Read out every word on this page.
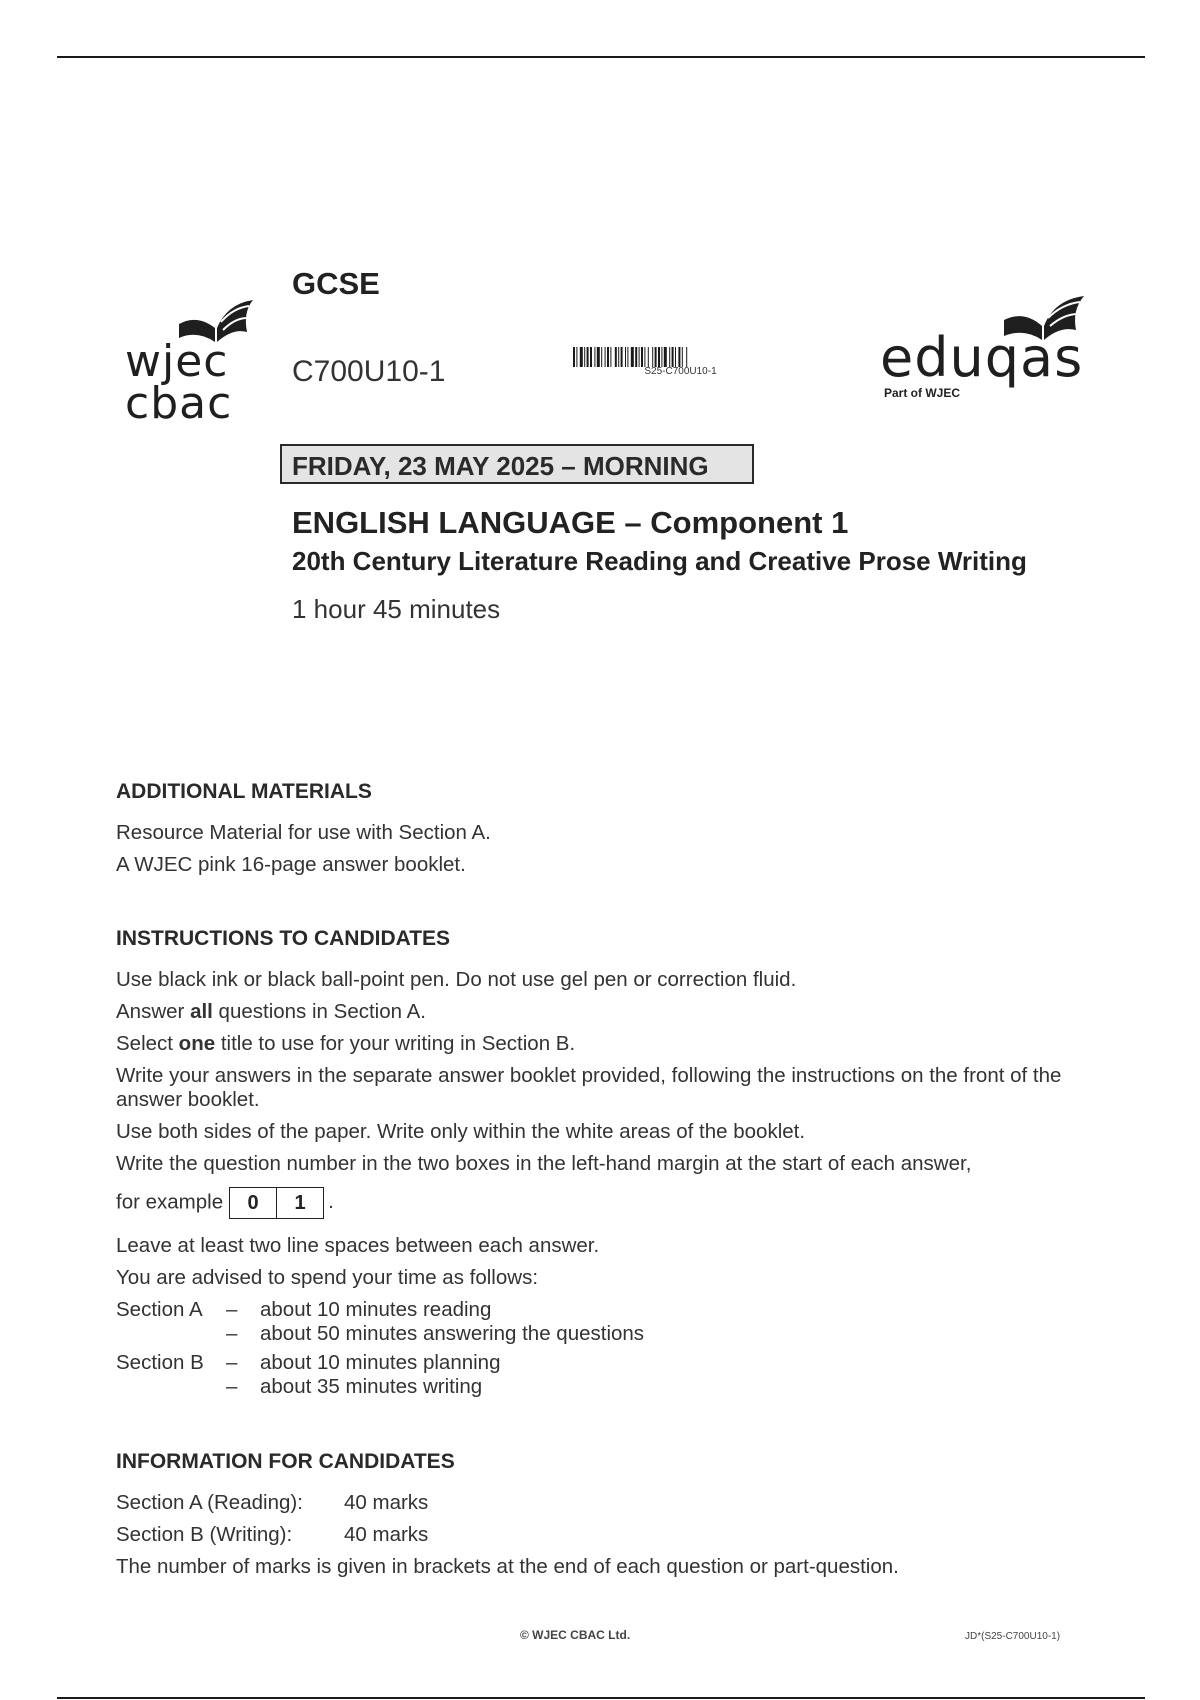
wjec
cbac
eduqas
Part of WJEC
GCSE
C700U10-1	S25-C700U10-1
FRIDAY, 23 MAY 2025 – MORNING
ENGLISH LANGUAGE – Component 1
20th Century Literature Reading and Creative Prose Writing
1 hour 45 minutes
ADDITIONAL MATERIALS
Resource Material for use with Section A.
A WJEC pink 16-page answer booklet.
INSTRUCTIONS TO CANDIDATES
Use black ink or black ball-point pen. Do not use gel pen or correction fluid.
Answer all questions in Section A.
Select one title to use for your writing in Section B.
Write your answers in the separate answer booklet provided, following the instructions on the front of the answer booklet.
Use both sides of the paper. Write only within the white areas of the booklet.
Write the question number in the two boxes in the left-hand margin at the start of each answer,
for example 0 1 .
Leave at least two line spaces between each answer.
You are advised to spend your time as follows:
Section A – about 10 minutes reading
– about 50 minutes answering the questions
Section B – about 10 minutes planning
– about 35 minutes writing
INFORMATION FOR CANDIDATES
Section A (Reading): 40 marks
Section B (Writing):	40 marks
The number of marks is given in brackets at the end of each question or part-question.
© WJEC CBAC Ltd.	JD*(S25-C700U10-1)
